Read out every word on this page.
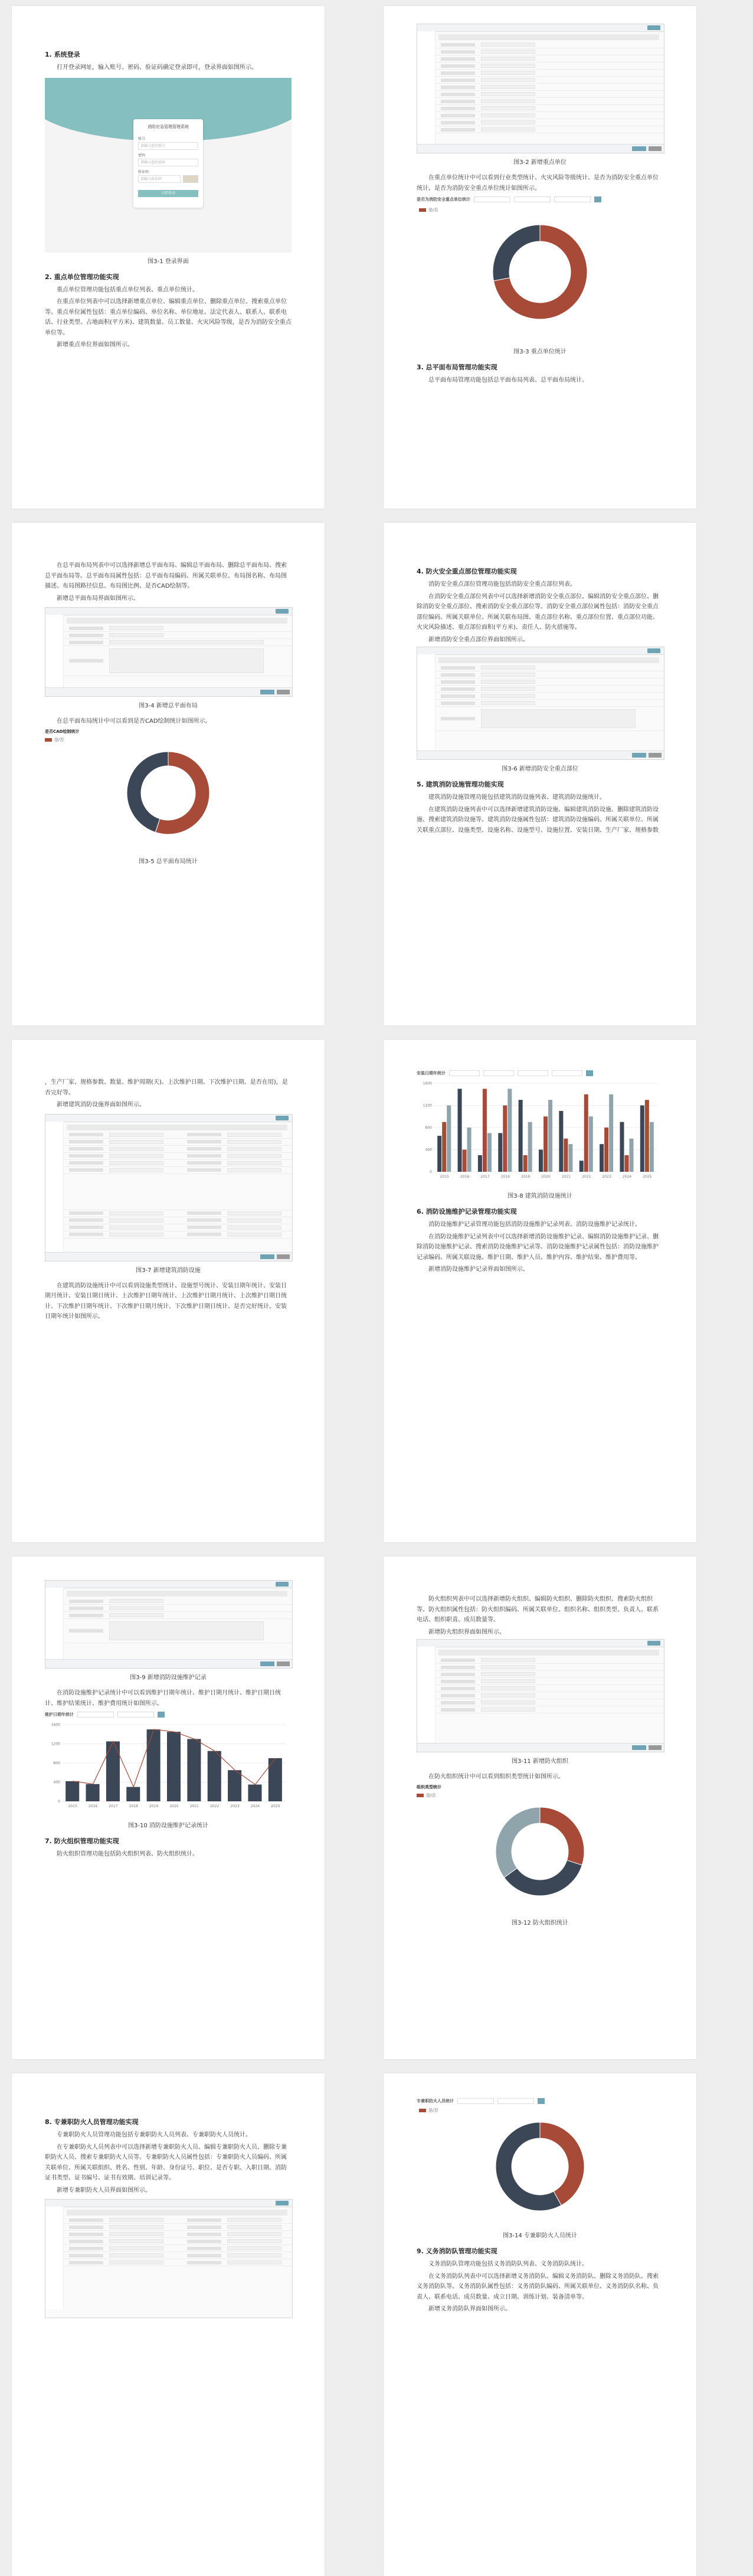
1. 系统登录
打开登录网址，输入账号、密码、验证码确定登录即可，登录界面如图所示。
消防应急管理管理系统
账号
请输入您的账号
密码
请输入您的密码
验证码
请输入验证码
立即登录
图3-1 登录界面
2. 重点单位管理功能实现
重点单位管理功能包括重点单位列表、重点单位统计。
在重点单位列表中可以选择新增重点单位、编辑重点单位、删除重点单位、搜索重点单位等。重点单位属性包括：重点单位编码、单位名称、单位地址、法定代表人、联系人、联系电话、行业类型、占地面积(平方米)、建筑数量、员工数量、火灾风险等级，是否为消防安全重点单位等。
新增重点单位界面如图所示。
图3-2 新增重点单位
在重点单位统计中可以看到行业类型统计、火灾风险等级统计、是否为消防安全重点单位统计。是否为消防安全重点单位统计如图所示。
是否为消防安全重点单位统计
是/否
图3-3 重点单位统计
3. 总平面布局管理功能实现
总平面布局管理功能包括总平面布局列表、总平面布局统计。
在总平面布局列表中可以选择新增总平面布局、编辑总平面布局、删除总平面布局、搜索总平面布局等。总平面布局属性包括：总平面布局编码、所属关联单位、布局图名称、布局图描述、布局图路径信息、布局图比例、是否CAD绘制等。
新增总平面布局界面如图所示。
图3-4 新增总平面布局
在总平面布局统计中可以看到是否CAD绘制统计如图所示。
是否CAD绘制统计
是/否
图3-5 总平面布局统计
4. 防火安全重点部位管理功能实现
消防安全重点部位管理功能包括消防安全重点部位列表。
在消防安全重点部位列表中可以选择新增消防安全重点部位、编辑消防安全重点部位、删除消防安全重点部位、搜索消防安全重点部位等。消防安全重点部位属性包括：消防安全重点部位编码、所属关联单位、所属关联布局图、重点部位名称、重点部位位置、重点部位功能、火灾风险描述、重点部位面积(平方米)、责任人、防火措施等。
新增消防安全重点部位界面如图所示。
图3-6 新增消防安全重点部位
5. 建筑消防设施管理功能实现
建筑消防设施管理功能包括建筑消防设施列表、建筑消防设施统计。
在建筑消防设施列表中可以选择新增建筑消防设施、编辑建筑消防设施、删除建筑消防设施、搜索建筑消防设施等。建筑消防设施属性包括：建筑消防设施编码、所属关联单位、所属关联重点部位、设施类型、设施名称、设施型号、设施位置、安装日期、生产厂家、规格参数
，生产厂家、规格参数、数量、维护周期(天)、上次维护日期、下次维护日期、是否在用)，是否完好等。
新增建筑消防设施界面如图所示。
图3-7 新增建筑消防设施
在建筑消防设施统计中可以看到设施类型统计、设施型号统计、安装日期年统计、安装日期月统计、安装日期日统计、上次维护日期年统计、上次维护日期月统计、上次维护日期日统计、下次维护日期年统计、下次维护日期月统计、下次维护日期日统计、是否完好统计。安装日期年统计如图所示。
安装日期年统计
0
400
800
1200
1600
2015	2016	2017	2018	2019	2020	2021	2022	2023	2024	2025
图3-8 建筑消防设施统计
6. 消防设施维护记录管理功能实现
消防设施维护记录管理功能包括消防设施维护记录列表、消防设施维护记录统计。
在消防设施维护记录列表中可以选择新增消防设施维护记录、编辑消防设施维护记录、删除消防设施维护记录、搜索消防设施维护记录等。消防设施维护记录属性包括：消防设施维护记录编码、所属关联设施、维护日期、维护人员、维护内容、维护结果、维护费用等。
新增消防设施维护记录界面如图所示。
图3-9 新增消防设施维护记录
在消防设施维护记录统计中可以看到维护日期年统计、维护日期月统计、维护日期日统计、维护结果统计、维护费用统计如图所示。
维护日期年统计
0
400
800
1200
1600
2015	2016	2017	2018	2019	2020	2021	2022	2023	2024	2025
图3-10 消防设施维护记录统计
7. 防火组织管理功能实现
防火组织管理功能包括防火组织列表、防火组织统计。
防火组织列表中可以选择新增防火组织、编辑防火组织、删除防火组织、搜索防火组织等。防火组织属性包括：防火组织编码、所属关联单位、组织名称、组织类型、负责人、联系电话、组织职责、成员数量等。
新增防火组织界面如图所示。
图3-11 新增防火组织
在防火组织统计中可以看到组织类型统计如图所示。
组织类型统计
是/否
图3-12 防火组织统计
8. 专兼职防火人员管理功能实现
专兼职防火人员管理功能包括专兼职防火人员列表、专兼职防火人员统计。
在专兼职防火人员列表中可以选择新增专兼职防火人员、编辑专兼职防火人员、删除专兼职防火人员、搜索专兼职防火人员等。专兼职防火人员属性包括：专兼职防火人员编码、所属关联单位、所属关联组织、姓名、性别、年龄、身份证号、职位、是否专职、入职日期、消防证书类型、证书编号、证书有效期、培训记录等。
新增专兼职防火人员界面如图所示。
专兼职防火人员统计
是/否
图3-14 专兼职防火人员统计
9. 义务消防队管理功能实现
义务消防队管理功能包括义务消防队列表、义务消防队统计。
在义务消防队列表中可以选择新增义务消防队、编辑义务消防队、删除义务消防队、搜索义务消防队等。义务消防队属性包括：义务消防队编码、所属关联单位、义务消防队名称、负责人、联系电话、成员数量、成立日期、训练计划、装备清单等。
新增义务消防队界面如图所示。
